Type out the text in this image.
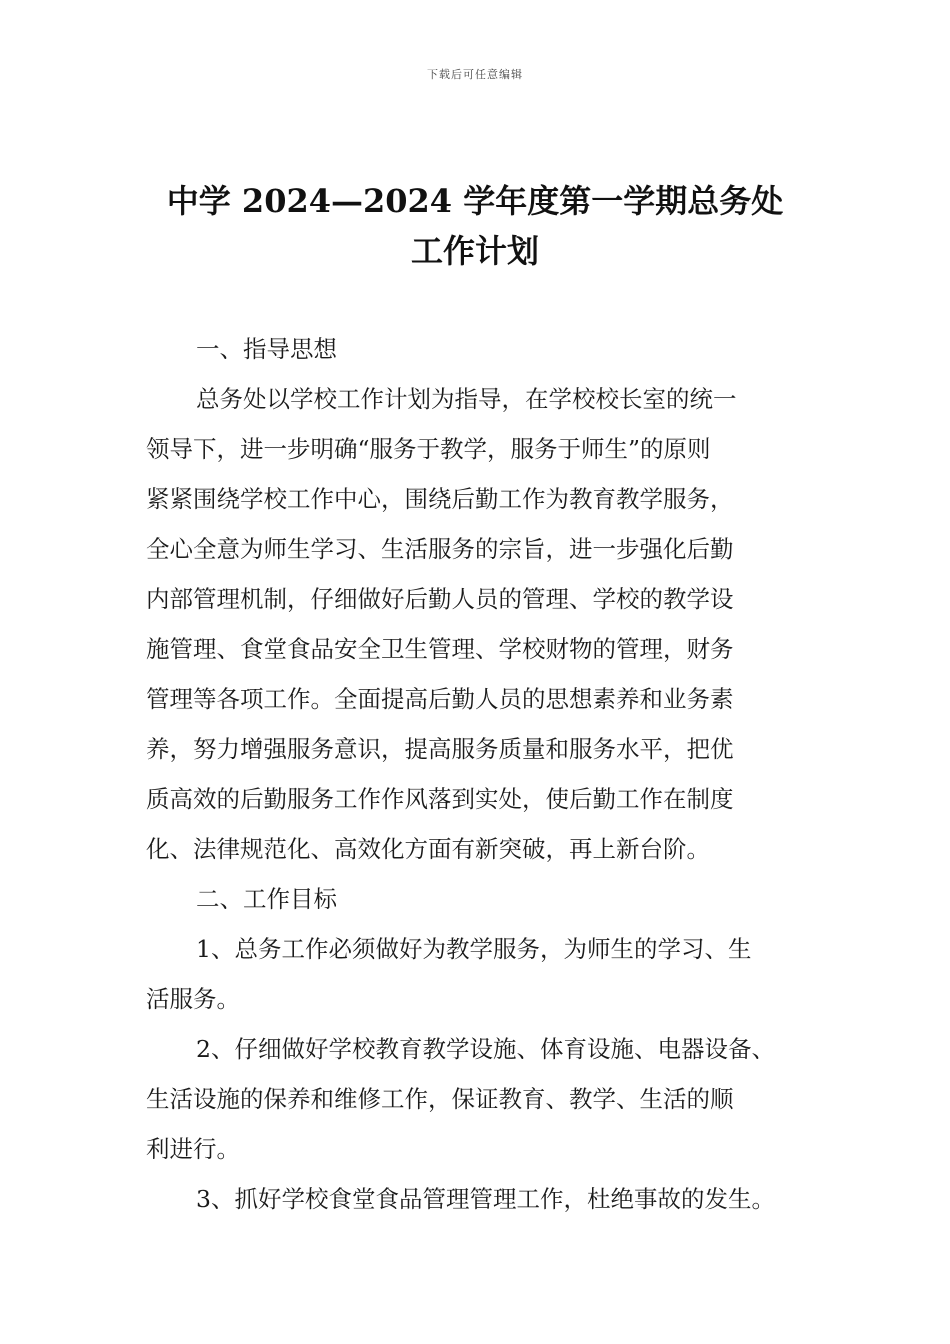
下载后可任意编辑
中学 2024—2024 学年度第一学期总务处
工作计划
一、指导思想
总务处以学校工作计划为指导，在学校校长室的统一
领导下，进一步明确“服务于教学，服务于师生”的原则
紧紧围绕学校工作中心，围绕后勤工作为教育教学服务，
全心全意为师生学习、生活服务的宗旨，进一步强化后勤
内部管理机制，仔细做好后勤人员的管理、学校的教学设
施管理、食堂食品安全卫生管理、学校财物的管理，财务
管理等各项工作。全面提高后勤人员的思想素养和业务素
养，努力增强服务意识，提高服务质量和服务水平，把优
质高效的后勤服务工作作风落到实处，使后勤工作在制度
化、法律规范化、高效化方面有新突破，再上新台阶。
二、工作目标
1、总务工作必须做好为教学服务，为师生的学习、生
活服务。
2、仔细做好学校教育教学设施、体育设施、电器设备、
生活设施的保养和维修工作，保证教育、教学、生活的顺
利进行。
3、抓好学校食堂食品管理管理工作，杜绝事故的发生。
